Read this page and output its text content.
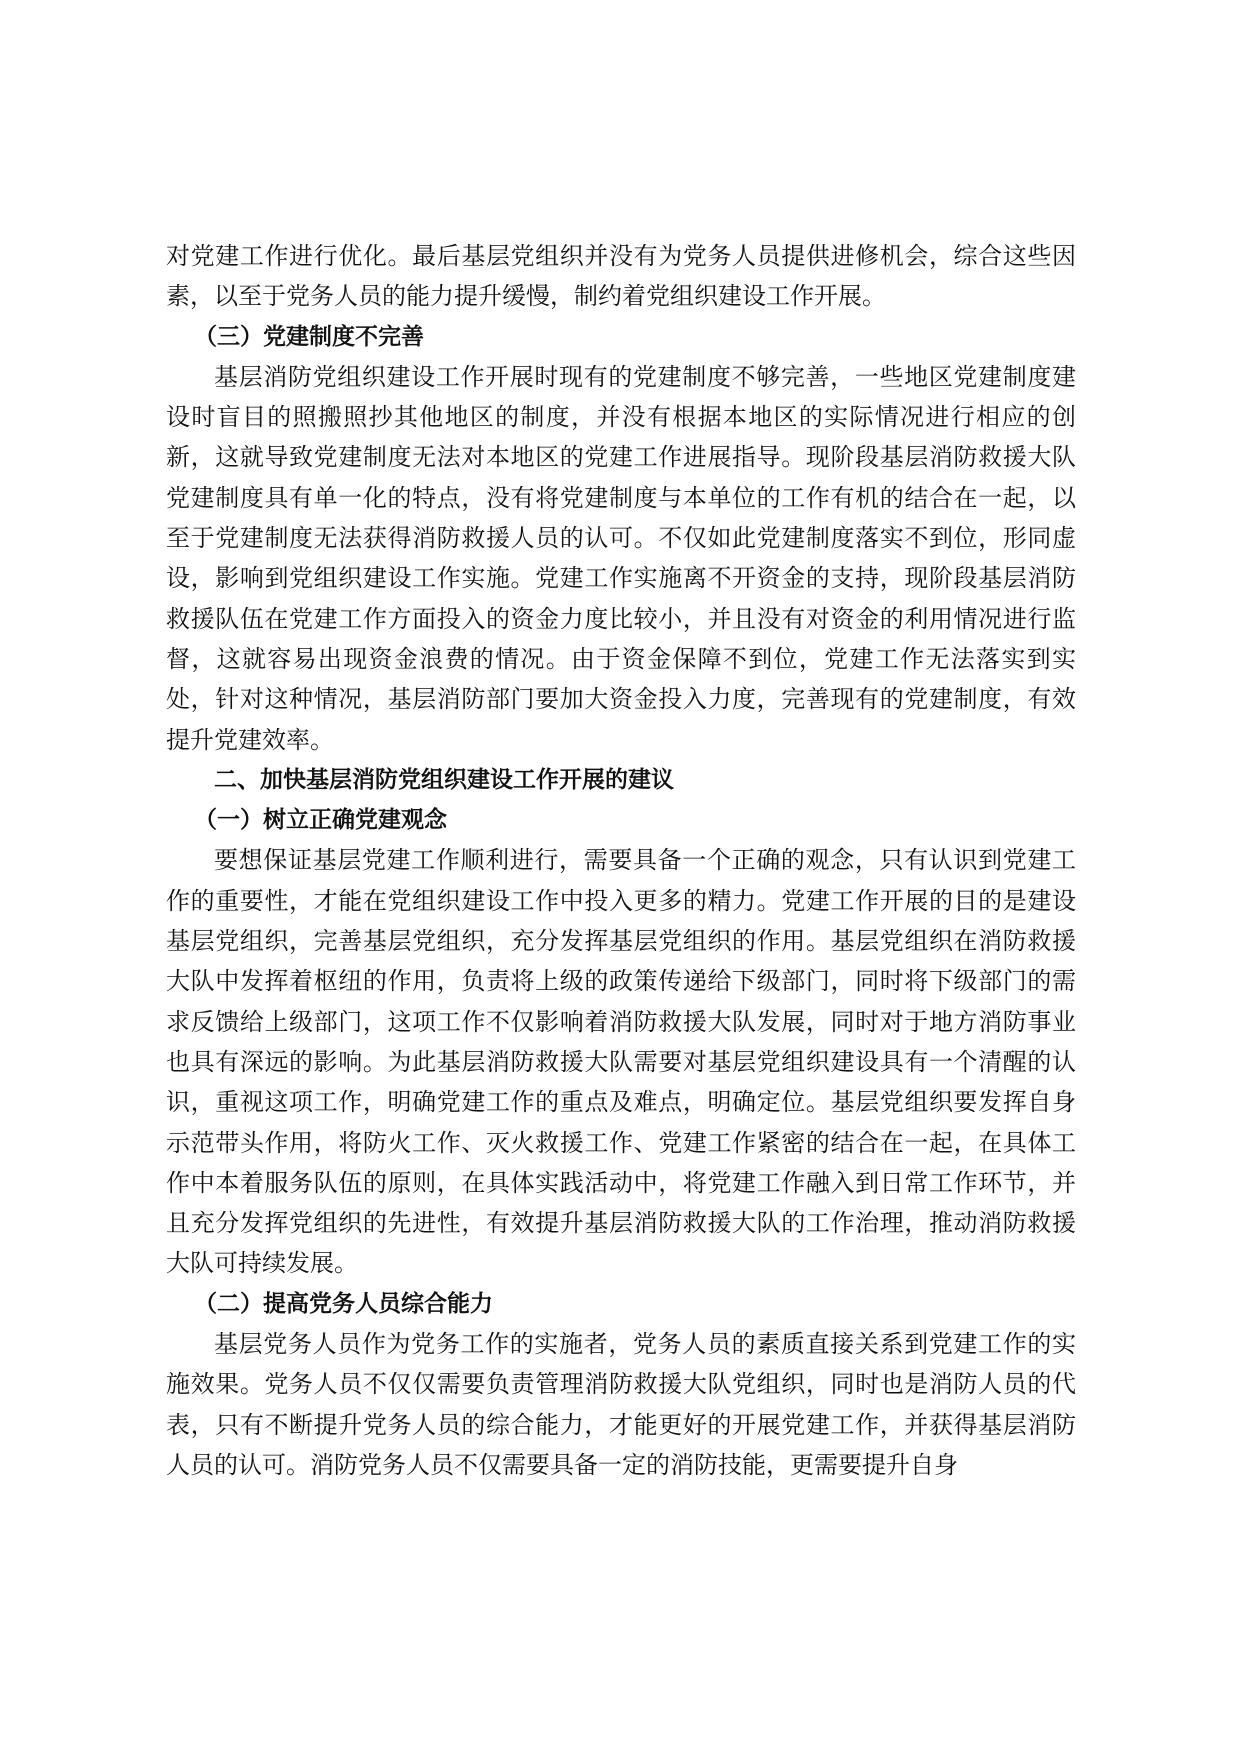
对党建工作进行优化。最后基层党组织并没有为党务人员提供进修机会，综合这些因素，以至于党务人员的能力提升缓慢，制约着党组织建设工作开展。

（三）党建制度不完善

基层消防党组织建设工作开展时现有的党建制度不够完善，一些地区党建制度建设时盲目的照搬照抄其他地区的制度，并没有根据本地区的实际情况进行相应的创新，这就导致党建制度无法对本地区的党建工作进展指导。现阶段基层消防救援大队党建制度具有单一化的特点，没有将党建制度与本单位的工作有机的结合在一起，以至于党建制度无法获得消防救援人员的认可。不仅如此党建制度落实不到位，形同虚设，影响到党组织建设工作实施。党建工作实施离不开资金的支持，现阶段基层消防救援队伍在党建工作方面投入的资金力度比较小，并且没有对资金的利用情况进行监督，这就容易出现资金浪费的情况。由于资金保障不到位，党建工作无法落实到实处，针对这种情况，基层消防部门要加大资金投入力度，完善现有的党建制度，有效提升党建效率。

二、加快基层消防党组织建设工作开展的建议

（一）树立正确党建观念

要想保证基层党建工作顺利进行，需要具备一个正确的观念，只有认识到党建工作的重要性，才能在党组织建设工作中投入更多的精力。党建工作开展的目的是建设基层党组织，完善基层党组织，充分发挥基层党组织的作用。基层党组织在消防救援大队中发挥着枢纽的作用，负责将上级的政策传递给下级部门，同时将下级部门的需求反馈给上级部门，这项工作不仅影响着消防救援大队发展，同时对于地方消防事业也具有深远的影响。为此基层消防救援大队需要对基层党组织建设具有一个清醒的认识，重视这项工作，明确党建工作的重点及难点，明确定位。基层党组织要发挥自身示范带头作用，将防火工作、灭火救援工作、党建工作紧密的结合在一起，在具体工作中本着服务队伍的原则，在具体实践活动中，将党建工作融入到日常工作环节，并且充分发挥党组织的先进性，有效提升基层消防救援大队的工作治理，推动消防救援大队可持续发展。

（二）提高党务人员综合能力

基层党务人员作为党务工作的实施者，党务人员的素质直接关系到党建工作的实施效果。党务人员不仅仅需要负责管理消防救援大队党组织，同时也是消防人员的代表，只有不断提升党务人员的综合能力，才能更好的开展党建工作，并获得基层消防人员的认可。消防党务人员不仅需要具备一定的消防技能，更需要提升自身
